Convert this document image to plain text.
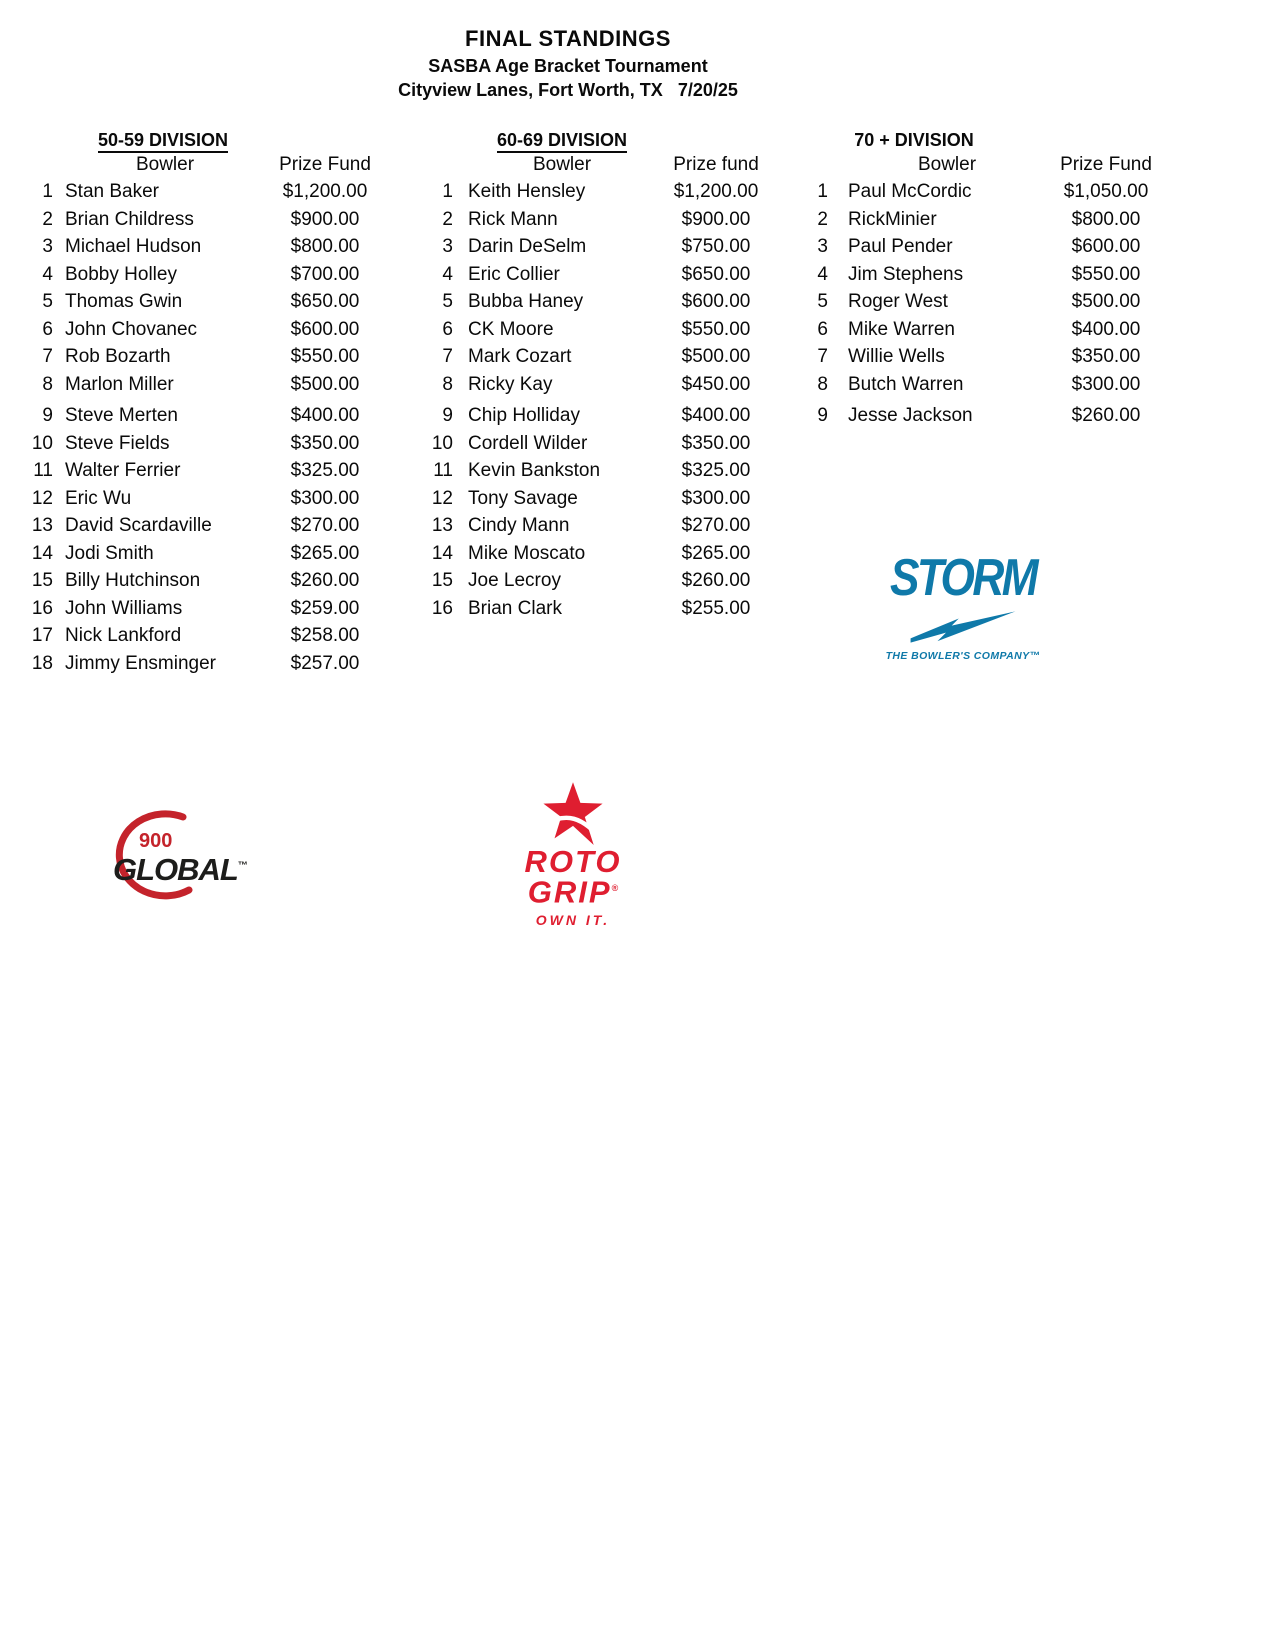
FINAL STANDINGS
SASBA Age Bracket Tournament
Cityview Lanes, Fort Worth, TX   7/20/25
50-59 DIVISION
Bowler	Prize Fund
1 Stan Baker	$1,200.00
2 Brian Childress	$900.00
3 Michael Hudson	$800.00
4 Bobby Holley	$700.00
5 Thomas Gwin	$650.00
6 John Chovanec	$600.00
7 Rob Bozarth	$550.00
8 Marlon Miller	$500.00
9 Steve Merten	$400.00
10 Steve Fields	$350.00
11 Walter Ferrier	$325.00
12 Eric Wu	$300.00
13 David Scardaville	$270.00
14 Jodi Smith	$265.00
15 Billy Hutchinson	$260.00
16 John Williams	$259.00
17 Nick Lankford	$258.00
18 Jimmy Ensminger	$257.00
60-69 DIVISION
Bowler	Prize fund
1 Keith Hensley	$1,200.00
2 Rick Mann	$900.00
3 Darin DeSelm	$750.00
4 Eric Collier	$650.00
5 Bubba Haney	$600.00
6 CK Moore	$550.00
7 Mark Cozart	$500.00
8 Ricky Kay	$450.00
9 Chip Holliday	$400.00
10 Cordell Wilder	$350.00
11 Kevin Bankston	$325.00
12 Tony Savage	$300.00
13 Cindy Mann	$270.00
14 Mike Moscato	$265.00
15 Joe Lecroy	$260.00
16 Brian Clark	$255.00
70 + DIVISION
Bowler	Prize Fund
1 Paul McCordic	$1,050.00
2 RickMinier	$800.00
3 Paul Pender	$600.00
4 Jim Stephens	$550.00
5 Roger West	$500.00
6 Mike Warren	$400.00
7 Willie Wells	$350.00
8 Butch Warren	$300.00
9 Jesse Jackson	$260.00
STORM
THE BOWLER'S COMPANY™
900
GLOBAL™	ROTO
GRIP®
OWN IT.
